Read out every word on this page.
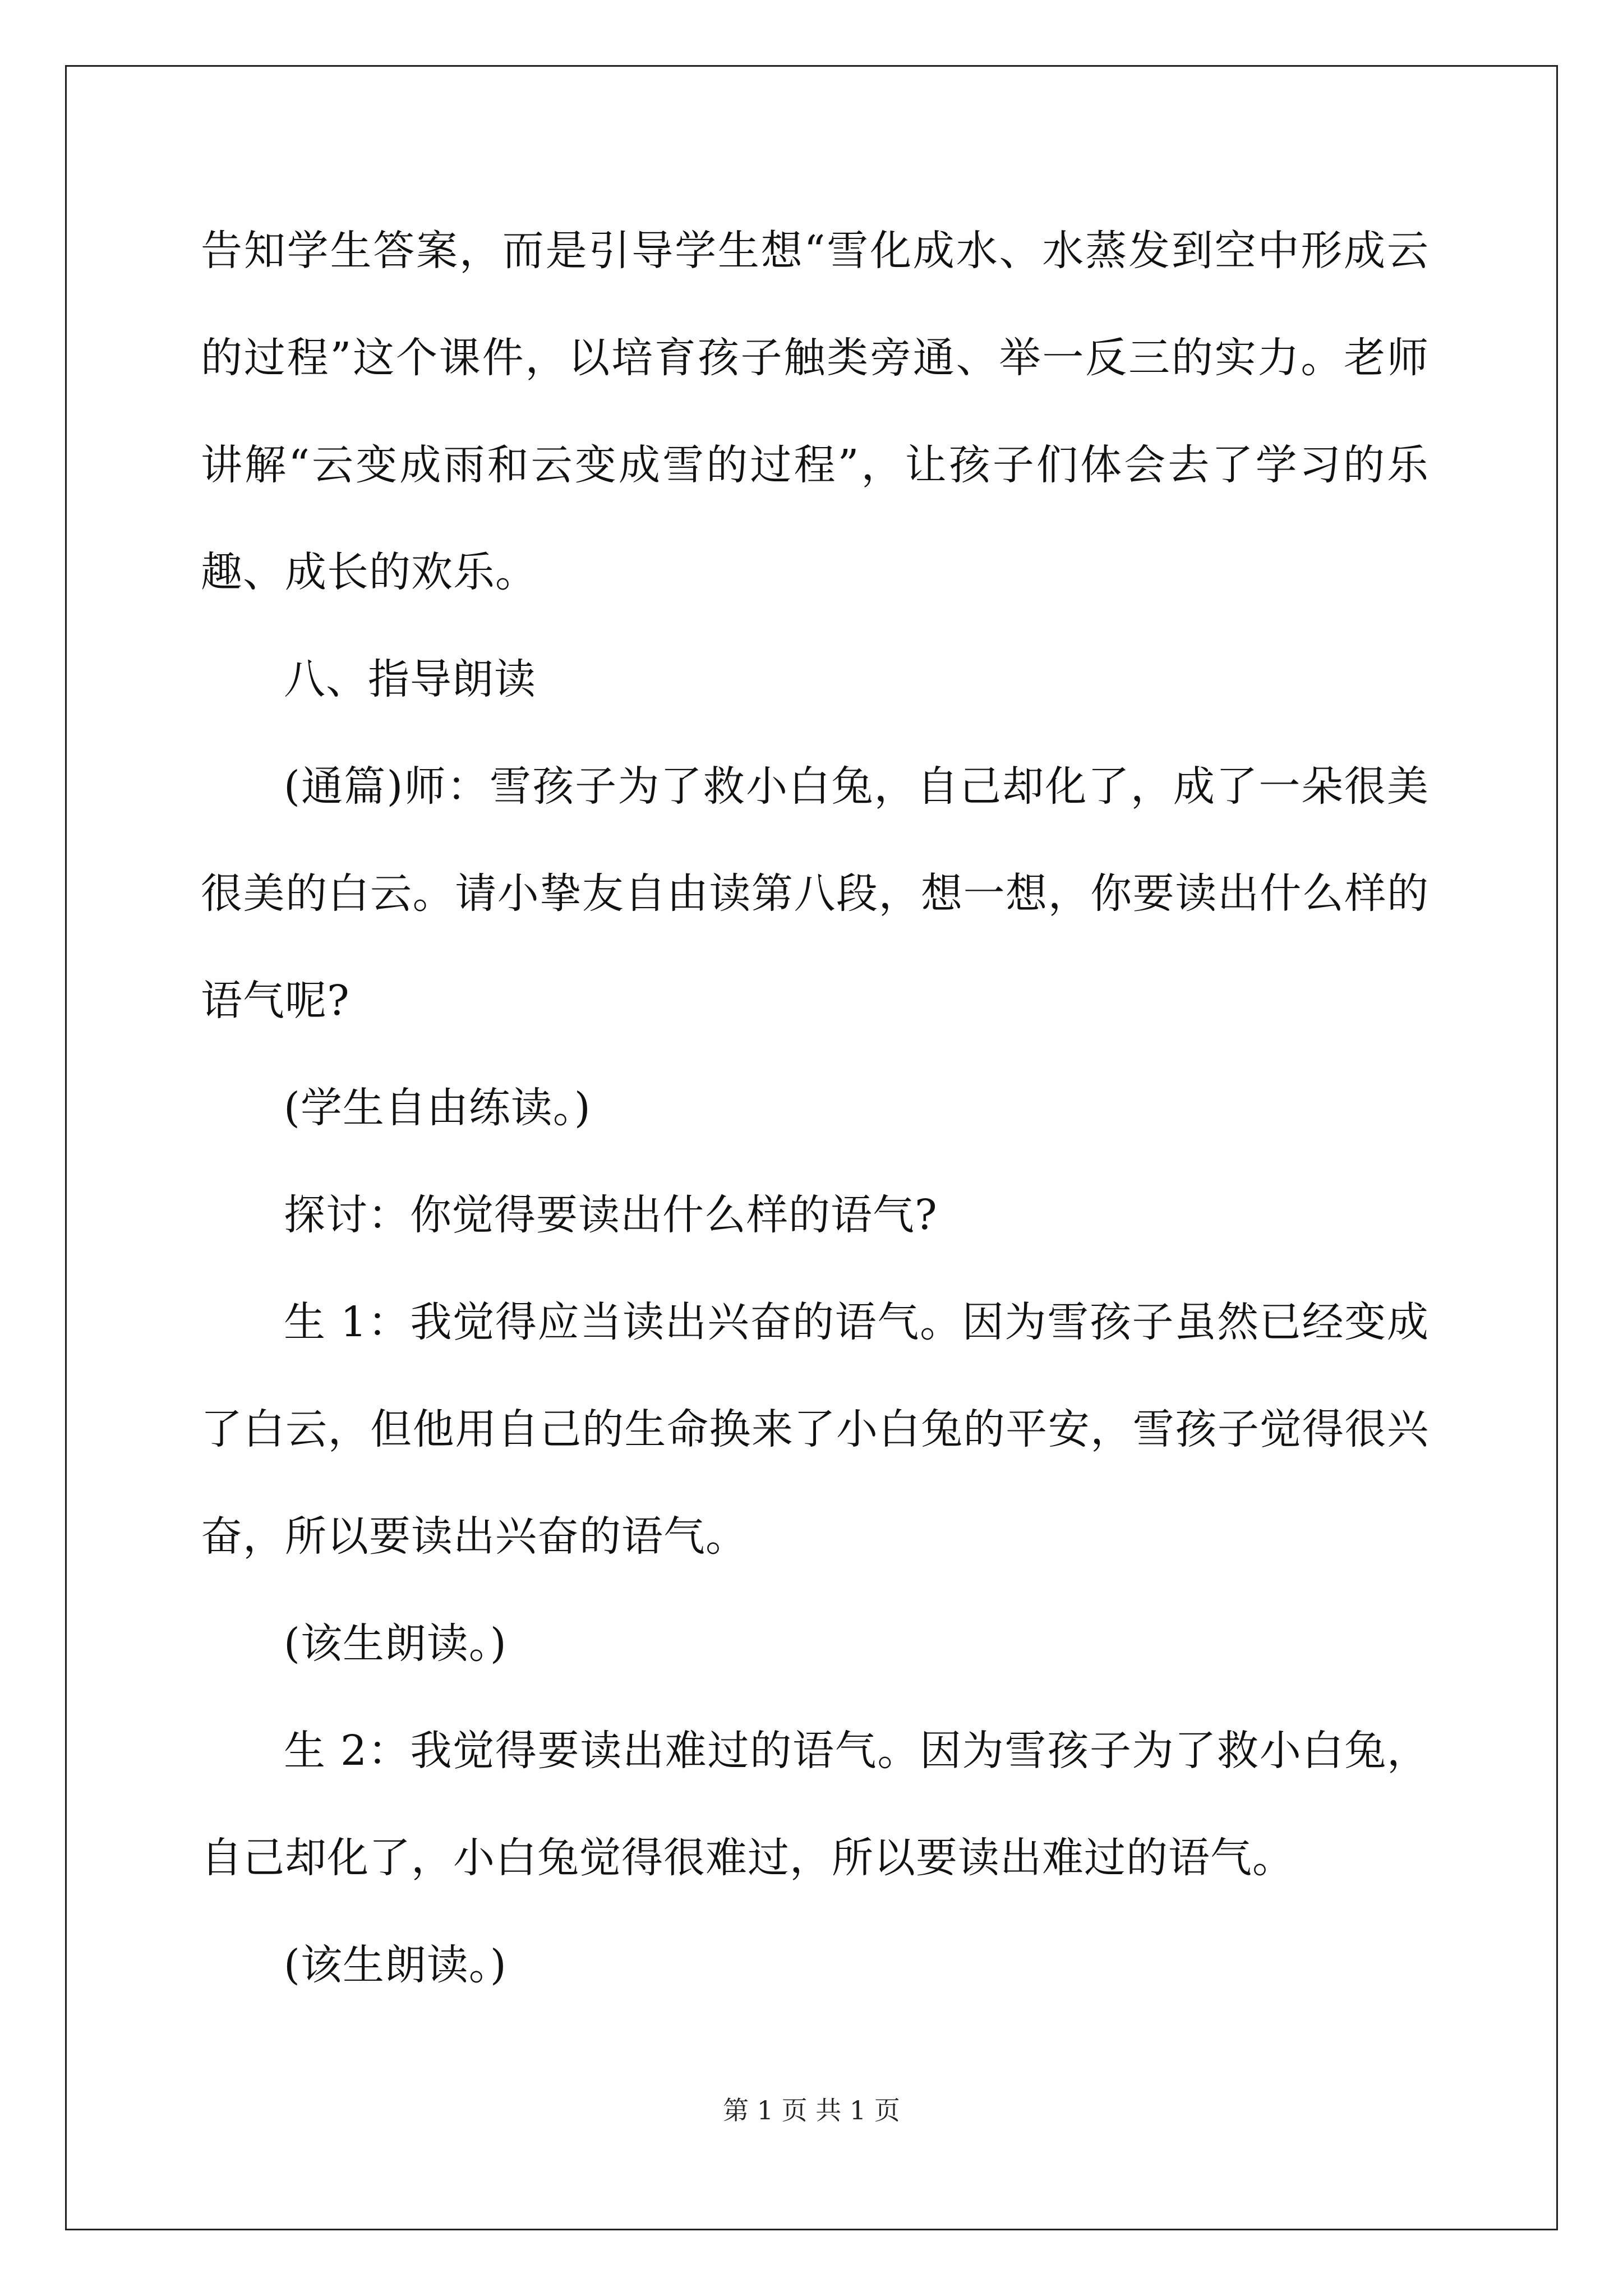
告知学生答案，而是引导学生想“雪化成水、水蒸发到空中形成云的过程”这个课件，以培育孩子触类旁通、举一反三的实力。老师讲解“云变成雨和云变成雪的过程”，让孩子们体会去了学习的乐趣、成长的欢乐。

八、指导朗读

(通篇)师：雪孩子为了救小白兔，自己却化了，成了一朵很美很美的白云。请小挚友自由读第八段，想一想，你要读出什么样的语气呢?

(学生自由练读。)

探讨：你觉得要读出什么样的语气?

生 1：我觉得应当读出兴奋的语气。因为雪孩子虽然已经变成了白云，但他用自己的生命换来了小白兔的平安，雪孩子觉得很兴奋，所以要读出兴奋的语气。

(该生朗读。)

生 2：我觉得要读出难过的语气。因为雪孩子为了救小白兔，自己却化了，小白兔觉得很难过，所以要读出难过的语气。

(该生朗读。)

第 1 页 共 1 页
